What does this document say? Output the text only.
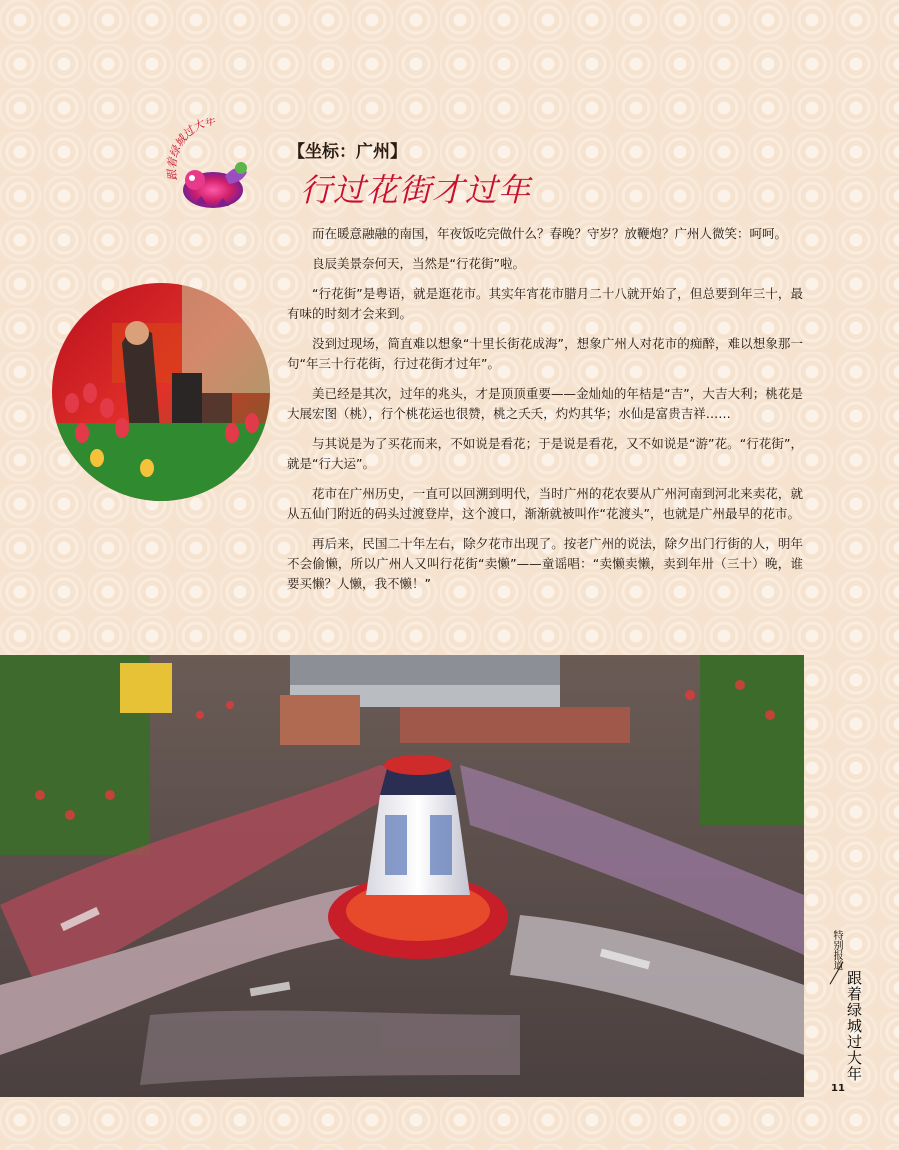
跟着绿城过大年
【坐标：广州】
行过花街才过年

而在暖意融融的南国，年夜饭吃完做什么？春晚？守岁？放鞭炮？广州人微笑：呵呵。

良辰美景奈何天，当然是“行花街”啦。

“行花街”是粤语，就是逛花市。其实年宵花市腊月二十八就开始了，但总要到年三十，最有味的时刻才会来到。

没到过现场，简直难以想象“十里长街花成海”，想象广州人对花市的痴醉，难以想象那一句“年三十行花街，行过花街才过年”。

美已经是其次，过年的兆头，才是顶顶重要——金灿灿的年桔是“吉”，大吉大利；桃花是大展宏图（桃），行个桃花运也很赞，桃之夭夭，灼灼其华；水仙是富贵吉祥……

与其说是为了买花而来，不如说是看花；于是说是看花，又不如说是“游”花。“行花街”，就是“行大运”。

花市在广州历史，一直可以回溯到明代，当时广州的花农要从广州河南到河北来卖花，就从五仙门附近的码头过渡登岸，这个渡口，渐渐就被叫作“花渡头”，也就是广州最早的花市。

再后来，民国二十年左右，除夕花市出现了。按老广州的说法，除夕出门行街的人，明年不会偷懒，所以广州人又叫行花街“卖懒”——童谣唱：“卖懒卖懒，卖到年卅（三十）晚，谁要买懒？人懒，我不懒！”

特别报道
跟着绿城过大年
11
